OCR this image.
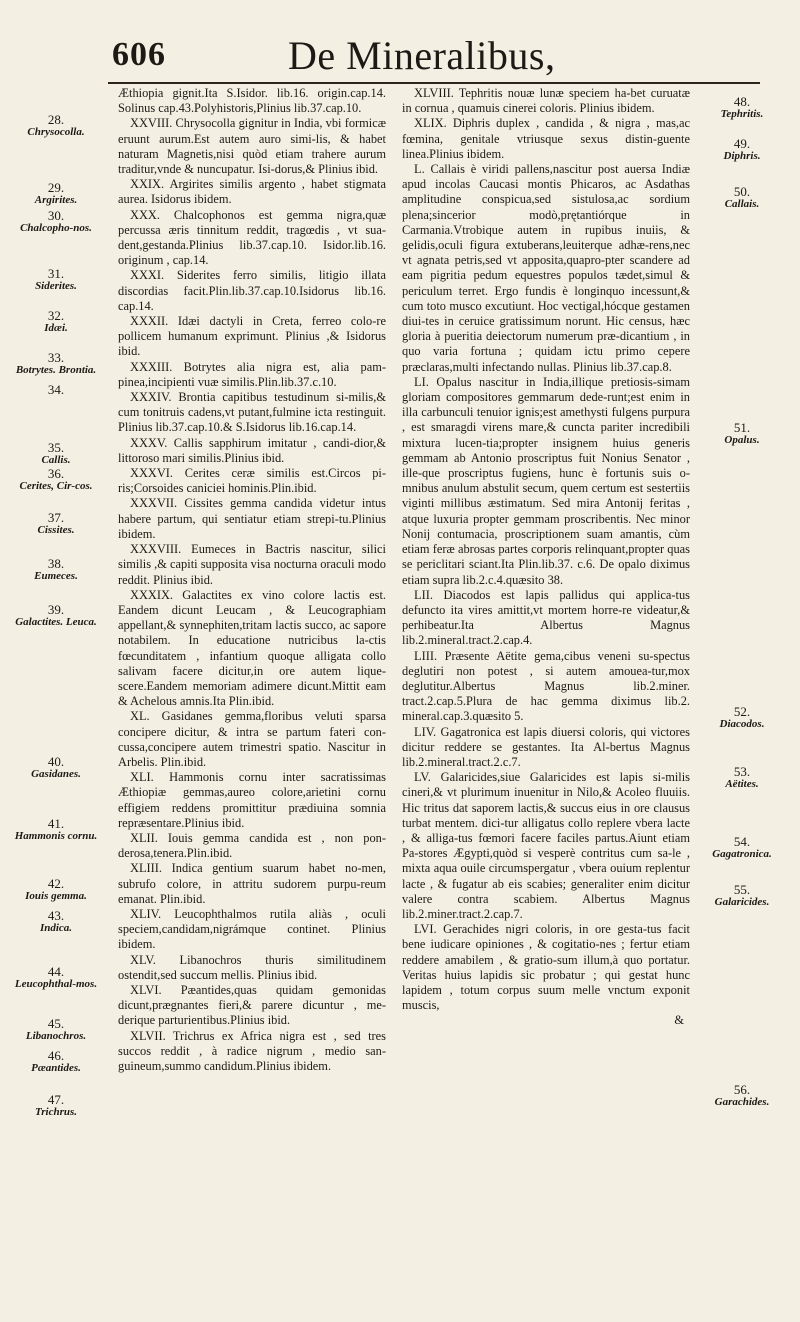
606	De Mineralibus,

Æthiopia gignit.Ita S.Isidor. lib.16. origin.cap.14. Solinus cap.43.Polyhistoris,Plinius lib.37.cap.10.

XXVIII. Chrysocolla gignitur in India, vbi formicæ eruunt aurum.Est autem auro simi-lis, & habet naturam Magnetis,nisi quòd etiam trahere aurum traditur,vnde & nuncupatur. Isi-dorus,& Plinius ibid.

XXIX. Argirites similis argento , habet stigmata aurea. Isidorus ibidem.

XXX. Chalcophonos est gemma nigra,quæ percussa æris tinnitum reddit, tragœdis , vt sua-dent,gestanda.Plinius lib.37.cap.10. Isidor.lib.16. originum , cap.14.

XXXI. Siderites ferro similis, litigio illata discordias facit.Plin.lib.37.cap.10.Isidorus lib.16. cap.14.

XXXII. Idæi dactyli in Creta, ferreo colo-re pollicem humanum exprimunt. Plinius ,& Isidorus ibid.

XXXIII. Botrytes alia nigra est, alia pam-pinea,incipienti vuæ similis.Plin.lib.37.c.10.

XXXIV. Brontia capitibus testudinum si-milis,& cum tonitruis cadens,vt putant,fulmine icta restinguit. Plinius lib.37.cap.10.& S.Isidorus lib.16.cap.14.

XXXV. Callis sapphirum imitatur , candi-dior,& littoroso mari similis.Plinius ibid.

XXXVI. Cerites ceræ similis est.Circos pi-ris;Corsoides caniciei hominis.Plin.ibid.

XXXVII. Cissites gemma candida videtur intus habere partum, qui sentiatur etiam strepi-tu.Plinius ibidem.

XXXVIII. Eumeces in Bactris nascitur, silici similis ,& capiti supposita visa nocturna oraculi modo reddit. Plinius ibid.

XXXIX. Galactites ex vino colore lactis est. Eandem dicunt Leucam , & Leucographiam appellant,& synnephiten,tritam lactis succo, ac sapore notabilem. In educatione nutricibus la-ctis fœcunditatem , infantium quoque alligata collo salivam facere dicitur,in ore autem lique-scere.Eandem memoriam adimere dicunt.Mittit eam & Achelous amnis.Ita Plin.ibid.

XL. Gasidanes gemma,floribus veluti sparsa concipere dicitur, & intra se partum fateri con-cussa,concipere autem trimestri spatio. Nascitur in Arbelis. Plin.ibid.

XLI. Hammonis cornu inter sacratissimas Æthiopiæ gemmas,aureo colore,arietini cornu effigiem reddens promittitur prædiuina somnia repræsentare.Plinius ibid.

XLII. Iouis gemma candida est , non pon-derosa,tenera.Plin.ibid.

XLIII. Indica gentium suarum habet no-men, subrufo colore, in attritu sudorem purpu-reum emanat. Plin.ibid.

XLIV. Leucophthalmos rutila aliàs , oculi speciem,candidam,nigrámque continet. Plinius ibidem.

XLV. Libanochros thuris similitudinem ostendit,sed succum mellis. Plinius ibid.

XLVI. Pæantides,quas quidam gemonidas dicunt,prægnantes fieri,& parere dicuntur , me-derique parturientibus.Plinius ibid.

XLVII. Trichrus ex Africa nigra est , sed tres succos reddit , à radice nigrum , medio san-guineum,summo candidum.Plinius ibidem.

XLVIII. Tephritis nouæ lunæ speciem ha-bet curuatæ in cornua , quamuis cinerei coloris. Plinius ibidem.

XLIX. Diphris duplex , candida , & nigra , mas,ac fœmina, genitale vtriusque sexus distin-guente linea.Plinius ibidem.

L. Callais è viridi pallens,nascitur post auersa Indiæ apud incolas Caucasi montis Phicaros, ac Asdathas amplitudine conspicua,sed sistulosa,ac sordium plena;sincerior modò,prętantiórque in Carmania.Vtrobique autem in rupibus inuiis, & gelidis,oculi figura extuberans,leuiterque adhæ-rens,nec vt agnata petris,sed vt apposita,quapro-pter scandere ad eam pigritia pedum equestres populos tædet,simul & periculum terret. Ergo fundis è longinquo incessunt,& cum toto musco excutiunt. Hoc vectigal,hócque gestamen diui-tes in ceruice gratissimum norunt. Hic census, hæc gloria à pueritia deiectorum numerum præ-dicantium , in quo varia fortuna ; quidam ictu primo cepere præclaras,multi infectando nullas. Plinius lib.37.cap.8.

LI. Opalus nascitur in India,illique pretiosis-simam gloriam compositores gemmarum dede-runt;est enim in illa carbunculi tenuior ignis;est amethysti fulgens purpura , est smaragdi virens mare,& cuncta pariter incredibili mixtura lucen-tia;propter insignem huius generis gemmam ab Antonio proscriptus fuit Nonius Senator , ille-que proscriptus fugiens, hunc è fortunis suis o-mnibus anulum abstulit secum, quem certum est sestertiis viginti millibus æstimatum. Sed mira Antonij feritas , atque luxuria propter gemmam proscribentis. Nec minor Nonij contumacia, proscriptionem suam amantis, cùm etiam feræ abrosas partes corporis relinquant,propter quas se periclitari sciant.Ita Plin.lib.37. c.6. De opalo diximus etiam supra lib.2.c.4.quæsito 38.

LII. Diacodos est lapis pallidus qui applica-tus defuncto ita vires amittit,vt mortem horre-re videatur,& perhibeatur.Ita Albertus Magnus lib.2.mineral.tract.2.cap.4.

LIII. Præsente Aëtite gema,cibus veneni su-spectus deglutiri non potest , si autem amouea-tur,mox deglutitur.Albertus Magnus lib.2.miner. tract.2.cap.5.Plura de hac gemma diximus lib.2. mineral.cap.3.quæsito 5.

LIV. Gagatronica est lapis diuersi coloris, qui victores dicitur reddere se gestantes. Ita Al-bertus Magnus lib.2.mineral.tract.2.c.7.

LV. Galaricides,siue Galaricides est lapis si-milis cineri,& vt plurimum inuenitur in Nilo,& Acoleo fluuiis. Hic tritus dat saporem lactis,& succus eius in ore clausus turbat mentem. dici-tur alligatus collo replere vbera lacte , & alliga-tus fœmori facere faciles partus.Aiunt etiam Pa-stores Ægypti,quòd si vesperè contritus cum sa-le , mixta aqua ouile circumspergatur , vbera ouium replentur lacte , & fugatur ab eis scabies; generaliter enim dicitur valere contra scabiem. Albertus Magnus lib.2.miner.tract.2.cap.7.

LVI. Gerachides nigri coloris, in ore gesta-tus facit bene iudicare opiniones , & cogitatio-nes ; fertur etiam reddere amabilem , & gratio-sum illum,à quo portatur. Veritas huius lapidis sic probatur ; qui gestat hunc lapidem , totum corpus suum melle vnctum exponit muscis,

&

28.
Chrysocolla.
29.
Argirites.
30.
Chalcopho-nos.
31.
Siderites.
32.
Idæi.
33.
Botrytes. Brontia.
34.
35.
Callis.
36.
Cerites, Cir-cos.
37.
Cissites.
38.
Eumeces.
39.
Galactites. Leuca.
40.
Gasidanes.
41.
Hammonis cornu.
42.
Iouis gemma.
43.
Indica.
44.
Leucophthal-mos.
45.
Libanochros.
46.
Pæantides.
47.
Trichrus.
48.
Tephritis.
49.
Diphris.
50.
Callais.
51.
Opalus.
52.
Diacodos.
53.
Aëtites.
54.
Gagatronica.
55.
Galaricides.
56.
Garachides.
